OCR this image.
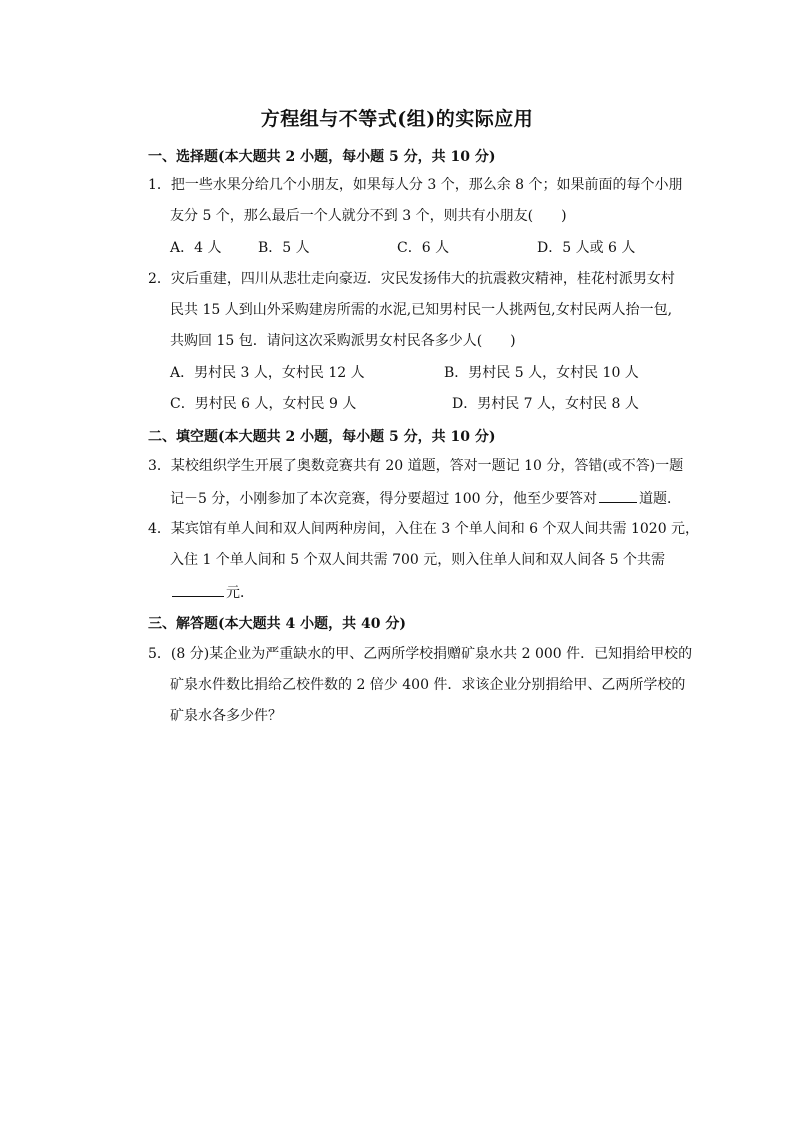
方程组与不等式(组)的实际应用
一、选择题(本大题共 2 小题，每小题 5 分，共 10 分)
1．把一些水果分给几个小朋友，如果每人分 3 个，那么余 8 个；如果前面的每个小朋
友分 5 个，那么最后一个人就分不到 3 个，则共有小朋友(　　)
A．4 人	B．5 人	C．6 人	D．5 人或 6 人
2．灾后重建，四川从悲壮走向豪迈．灾民发扬伟大的抗震救灾精神，桂花村派男女村
民共 15 人到山外采购建房所需的水泥,已知男村民一人挑两包,女村民两人抬一包,
共购回 15 包．请问这次采购派男女村民各多少人(　　)
A．男村民 3 人，女村民 12 人	B．男村民 5 人，女村民 10 人
C．男村民 6 人，女村民 9 人	D．男村民 7 人，女村民 8 人
二、填空题(本大题共 2 小题，每小题 5 分，共 10 分)
3．某校组织学生开展了奥数竞赛共有 20 道题，答对一题记 10 分，答错(或不答)一题
记－5 分，小刚参加了本次竞赛，得分要超过 100 分，他至少要答对	道题．
4．某宾馆有单人间和双人间两种房间，入住在 3 个单人间和 6 个双人间共需 1020 元，
入住 1 个单人间和 5 个双人间共需 700 元，则入住单人间和双人间各 5 个共需
元．
三、解答题(本大题共 4 小题，共 40 分)
5．(8 分)某企业为严重缺水的甲、乙两所学校捐赠矿泉水共 2 000 件．已知捐给甲校的
矿泉水件数比捐给乙校件数的 2 倍少 400 件．求该企业分别捐给甲、乙两所学校的
矿泉水各多少件？
